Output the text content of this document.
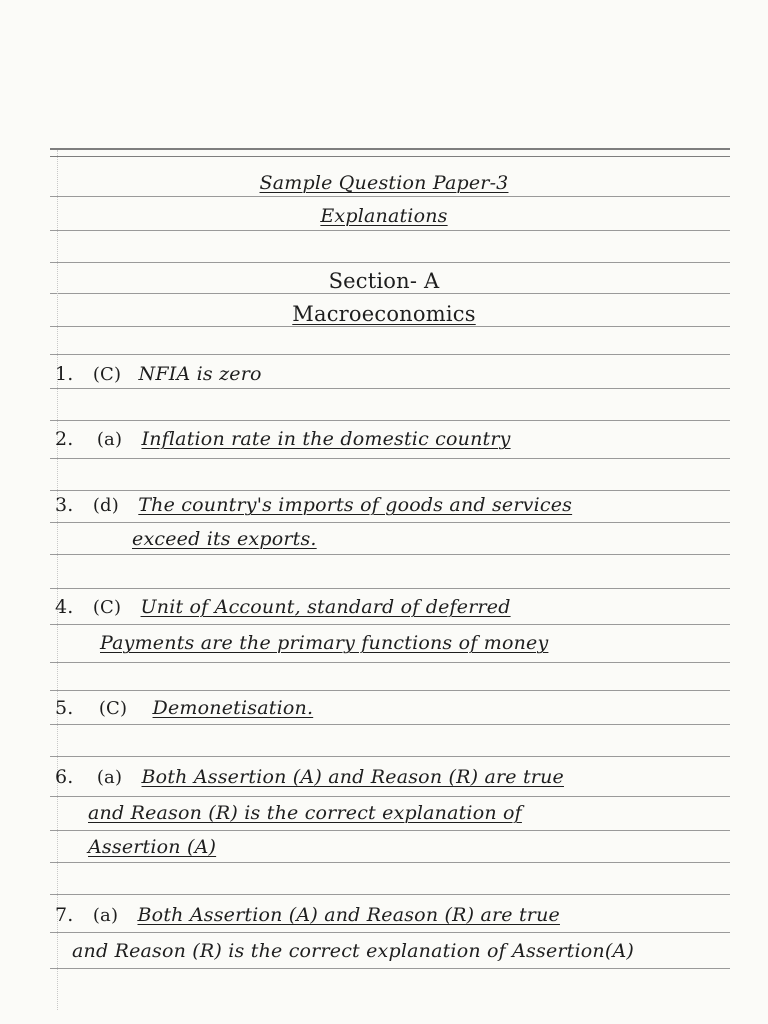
Sample Question Paper-3
Explanations
Section- A
Macroeconomics
1. (C) NFIA is zero
2. (a) Inflation rate in the domestic country
3. (d) The country's imports of goods and services
exceed its exports.
4. (C) Unit of Account, standard of deferred
Payments are the primary functions of money
5. (C) Demonetisation.
6. (a) Both Assertion (A) and Reason (R) are true
and Reason (R) is the correct explanation of
Assertion (A)
7. (a) Both Assertion (A) and Reason (R) are true
and Reason (R) is the correct explanation of Assertion(A)
